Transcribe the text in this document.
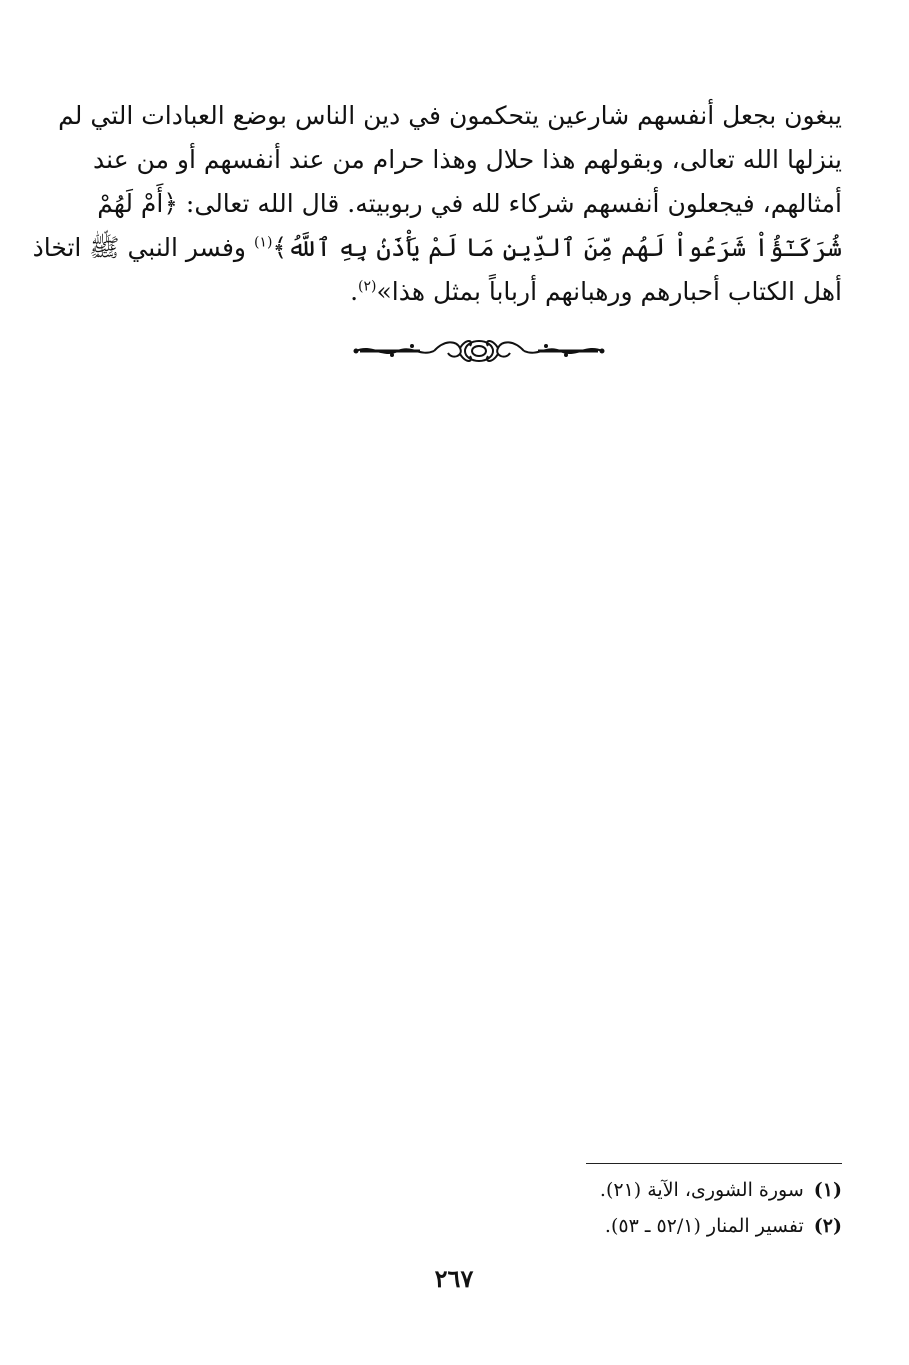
يبغون بجعل أنفسهم شارعين يتحكمون في دين الناس بوضع العبادات التي لم
ينزلها الله تعالى، وبقولهم هذا حلال وهذا حرام من عند أنفسهم أو من عند
أمثالهم، فيجعلون أنفسهم شركاء لله في ربوبيته. قال الله تعالى: ﴿أَمْ لَهُمْ
شُرَكَـٰٓؤُاْ شَرَعُواْ لَهُم مِّنَ ٱلدِّينِ مَا لَمْ يَأْذَنۢ بِهِ ٱللَّهُ﴾$^{(١)}$ وفسر النبي ﷺ اتخاذ
أهل الكتاب أحبارهم ورهبانهم أرباباً بمثل هذا»$^{(٢)}$.
(١)سورة الشورى، الآية (٢١).
(٢)تفسير المنار (٥٢/١ ـ ٥٣).
٢٦٧
